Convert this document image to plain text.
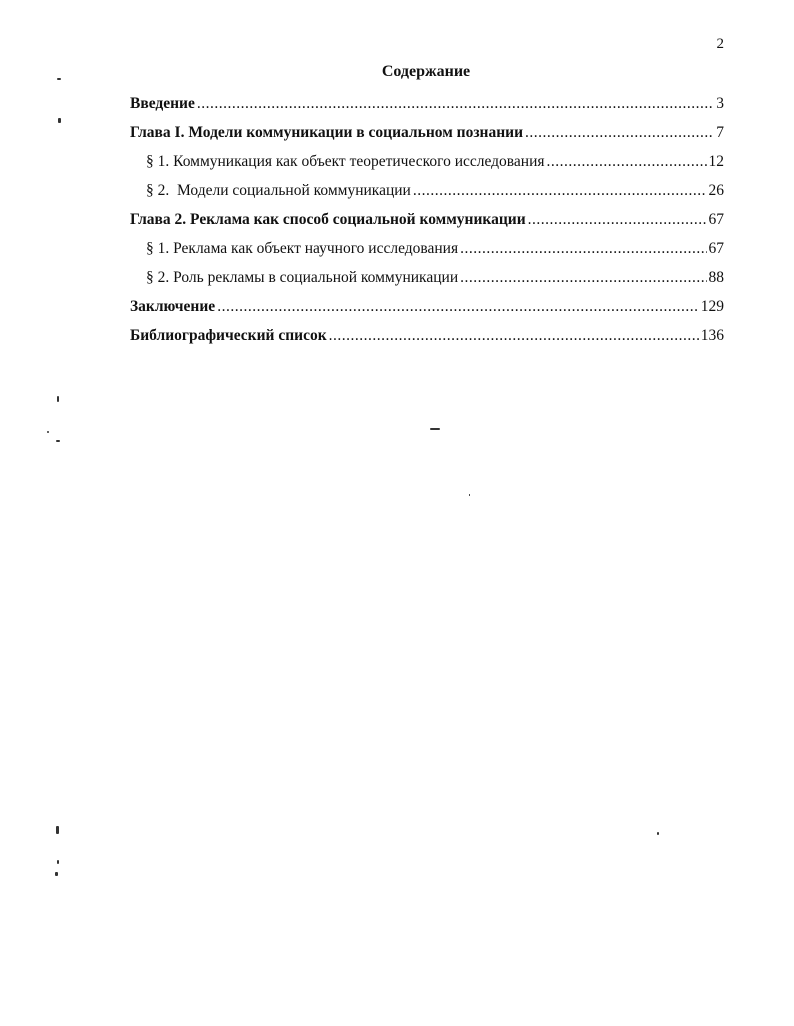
2
Содержание
Введение .....	3
Глава I. Модели коммуникации в социальном познании .....	7
§ 1. Коммуникация как объект теоретического исследования .....	12
§ 2.  Модели социальной коммуникации .....	26
Глава 2. Реклама как способ социальной коммуникации .....	67
§ 1. Реклама как объект научного исследования .....	67
§ 2. Роль рекламы в социальной коммуникации .....	88
Заключение .....	129
Библиографический список .....	136
